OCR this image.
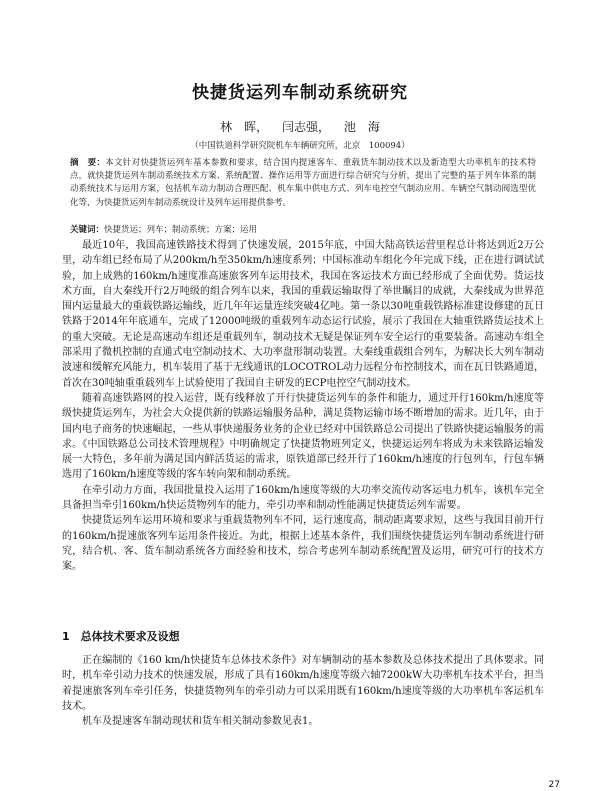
快捷货运列车制动系统研究
林　晖， 闫志强， 池　海
（中国铁道科学研究院机车车辆研究所，北京　100094）
摘　要：本文针对快捷货运列车基本参数和要求，结合国内提速客车、重载货车制动技术以及新造型大功率机车的技术特点，就快捷货运列车制动系统技术方案、系统配置、操作运用等方面进行综合研究与分析，提出了完整的基于列车体系的制动系统技术与运用方案，包括机车动力制动合理匹配、机车集中供电方式、列车电控空气制动应用、车辆空气制动阀选型优化等，为快捷货运列车制动系统设计及列车运用提供参考。
关键词：快捷货运；列车；制动系统；方案；运用

最近10年，我国高速铁路技术得到了快速发展，2015年底，中国大陆高铁运营里程总计将达到近2万公里，动车组已经布局了从200km/h至350km/h速度系列；中国标准动车组化今年完成下线，正在进行调试试验，加上成熟的160km/h速度准高速旅客列车运用技术，我国在客运技术方面已经形成了全面优势。货运技术方面，自大秦线开行2万吨级的组合列车以来，我国的重载运输取得了举世瞩目的成就，大秦线成为世界范围内运量最大的重载铁路运输线，近几年年运量连续突破4亿吨。第一条以30吨重载铁路标准建设修建的瓦日铁路于2014年年底通车，完成了12000吨级的重载列车动态运行试验，展示了我国在大轴重铁路货运技术上的重大突破。无论是高速动车组还是重载列车，制动技术无疑是保证列车安全运行的重要装备。高速动车组全部采用了微机控制的直通式电空制动技术、大功率盘形制动装置。大秦线重载组合列车，为解决长大列车制动波速和缓解充风能力，机车装用了基于无线通讯的LOCOTROL动力远程分布控制技术，而在瓦日铁路通道，首次在30吨轴重重载列车上试验使用了我国自主研发的ECP电控空气制动技术。

随着高速铁路网的投入运营，既有线释放了开行快捷货运列车的条件和能力，通过开行160km/h速度等级快捷货运列车，为社会大众提供新的铁路运输服务品种，满足货物运输市场不断增加的需求。近几年，由于国内电子商务的快速崛起，一些从事快递服务业务的企业已经对中国铁路总公司提出了铁路快捷运输服务的需求。《中国铁路总公司技术管理规程》中明确规定了快捷货物班列定义，快捷运运列车将成为未来铁路运输发展一大特色，多年前为满足国内鲜活货运的需求，原铁道部已经开行了160km/h速度的行包列车，行包车辆选用了160km/h速度等级的客车转向架和制动系统。

在牵引动力方面，我国批量投入运用了160km/h速度等级的大功率交流传动客运电力机车，该机车完全具备担当牵引160km/h快运货物列车的能力，牵引功率和制动性能满足快捷货运列车需要。

快捷货运列车运用环境和要求与重载货物列车不同，运行速度高，制动距离要求短，这些与我国目前开行的160km/h提速旅客列车运用条件接近。为此，根据上述基本条件，我们围绕快捷货运列车制动系统进行研究，结合机、客、货车制动系统各方面经验和技术，综合考虑列车制动系统配置及运用，研究可行的技术方案。

1　总体技术要求及设想

正在编制的《160 km/h快捷货车总体技术条件》对车辆制动的基本参数及总体技术提出了具体要求。同时，机车牵引动力技术的快速发展，形成了具有160km/h速度等级六轴7200kW大功率机车技术平台，担当着提速旅客列车牵引任务，快捷货物列车的牵引动力可以采用既有160km/h速度等级的大功率机车客运机车技术。

机车及提速客车制动现状和货车相关制动参数见表1。

27
